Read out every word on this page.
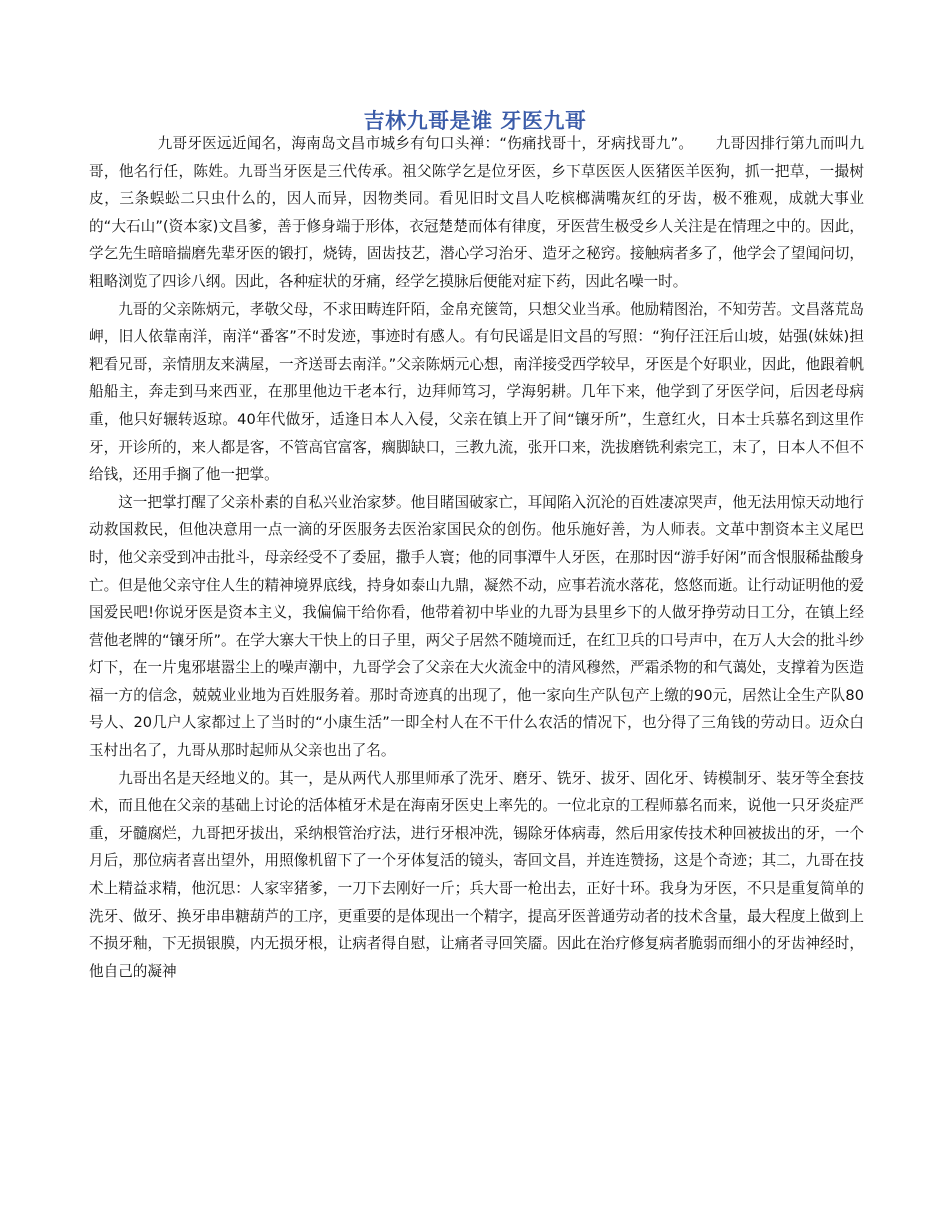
吉林九哥是谁 牙医九哥

九哥牙医远近闻名，海南岛文昌市城乡有句口头禅：“伤痛找哥十，牙病找哥九”。　　九哥因排行第九而叫九哥，他名行任，陈姓。九哥当牙医是三代传承。祖父陈学乞是位牙医，乡下草医医人医猪医羊医狗，抓一把草，一撮树皮，三条蜈蚣二只虫什么的，因人而异，因物类同。看见旧时文昌人吃槟榔满嘴灰红的牙齿，极不雅观，成就大事业的“大石山”(资本家)文昌爹，善于修身端于形体，衣冠楚楚而体有律度，牙医营生极受乡人关注是在情理之中的。因此，学乞先生暗暗揣磨先辈牙医的锻打，烧铸，固齿技艺，潜心学习治牙、造牙之秘窍。接触病者多了，他学会了望闻问切，粗略浏览了四诊八纲。因此，各种症状的牙痛，经学乞摸脉后便能对症下药，因此名噪一时。

九哥的父亲陈炳元，孝敬父母，不求田畴连阡陌，金帛充箧笥，只想父业当承。他励精图治，不知劳苦。文昌落荒岛岬，旧人依靠南洋，南洋“番客”不时发迹，事迹时有感人。有句民谣是旧文昌的写照：“狗仔汪汪后山坡，姑强(妹妹)担粑看兄哥，亲情朋友来满屋，一齐送哥去南洋。”父亲陈炳元心想，南洋接受西学较早，牙医是个好职业，因此，他跟着帆船船主，奔走到马来西亚，在那里他边干老本行，边拜师笃习，学海躬耕。几年下来，他学到了牙医学问，后因老母病重，他只好辗转返琼。40年代做牙，适逢日本人入侵，父亲在镇上开了间“镶牙所”，生意红火，日本士兵慕名到这里作牙，开诊所的，来人都是客，不管高官富客，瘸脚缺口，三教九流，张开口来，洗拔磨铣利索完工，末了，日本人不但不给钱，还用手搁了他一把掌。

这一把掌打醒了父亲朴素的自私兴业治家梦。他目睹国破家亡，耳闻陷入沉沦的百姓凄凉哭声，他无法用惊天动地行动救国救民，但他决意用一点一滴的牙医服务去医治家国民众的创伤。他乐施好善，为人师表。文革中割资本主义尾巴时，他父亲受到冲击批斗，母亲经受不了委屈，撒手人寰；他的同事潭牛人牙医，在那时因“游手好闲”而含恨服稀盐酸身亡。但是他父亲守住人生的精神境界底线，持身如泰山九鼎，凝然不动，应事若流水落花，悠悠而逝。让行动证明他的爱国爱民吧!你说牙医是资本主义，我偏偏干给你看，他带着初中毕业的九哥为县里乡下的人做牙挣劳动日工分，在镇上经营他老牌的“镶牙所”。在学大寨大干快上的日子里，两父子居然不随境而迁，在红卫兵的口号声中，在万人大会的批斗纱灯下，在一片鬼邪堪嚣尘上的噪声潮中，九哥学会了父亲在大火流金中的清风穆然，严霜杀物的和气蔼处，支撑着为医造福一方的信念，兢兢业业地为百姓服务着。那时奇迹真的出现了，他一家向生产队包产上缴的90元，居然让全生产队80号人、20几户人家都过上了当时的“小康生活”一即全村人在不干什么农活的情况下，也分得了三角钱的劳动日。迈众白玉村出名了，九哥从那时起师从父亲也出了名。

九哥出名是天经地义的。其一，是从两代人那里师承了洗牙、磨牙、铣牙、拔牙、固化牙、铸模制牙、装牙等全套技术，而且他在父亲的基础上讨论的活体植牙术是在海南牙医史上率先的。一位北京的工程师慕名而来，说他一只牙炎症严重，牙髓腐烂，九哥把牙拔出，采纳根管治疗法，进行牙根冲洗，锡除牙体病毒，然后用家传技术种回被拔出的牙，一个月后，那位病者喜出望外，用照像机留下了一个牙体复活的镜头，寄回文昌，并连连赞扬，这是个奇迹；其二，九哥在技术上精益求精，他沉思：人家宰猪爹，一刀下去刚好一斤；兵大哥一枪出去，正好十环。我身为牙医，不只是重复简单的洗牙、做牙、换牙串串糖葫芦的工序，更重要的是体现出一个精字，提高牙医普通劳动者的技术含量，最大程度上做到上不损牙釉，下无损银膜，内无损牙根，让病者得自慰，让痛者寻回笑靥。因此在治疗修复病者脆弱而细小的牙齿神经时，他自己的凝神
